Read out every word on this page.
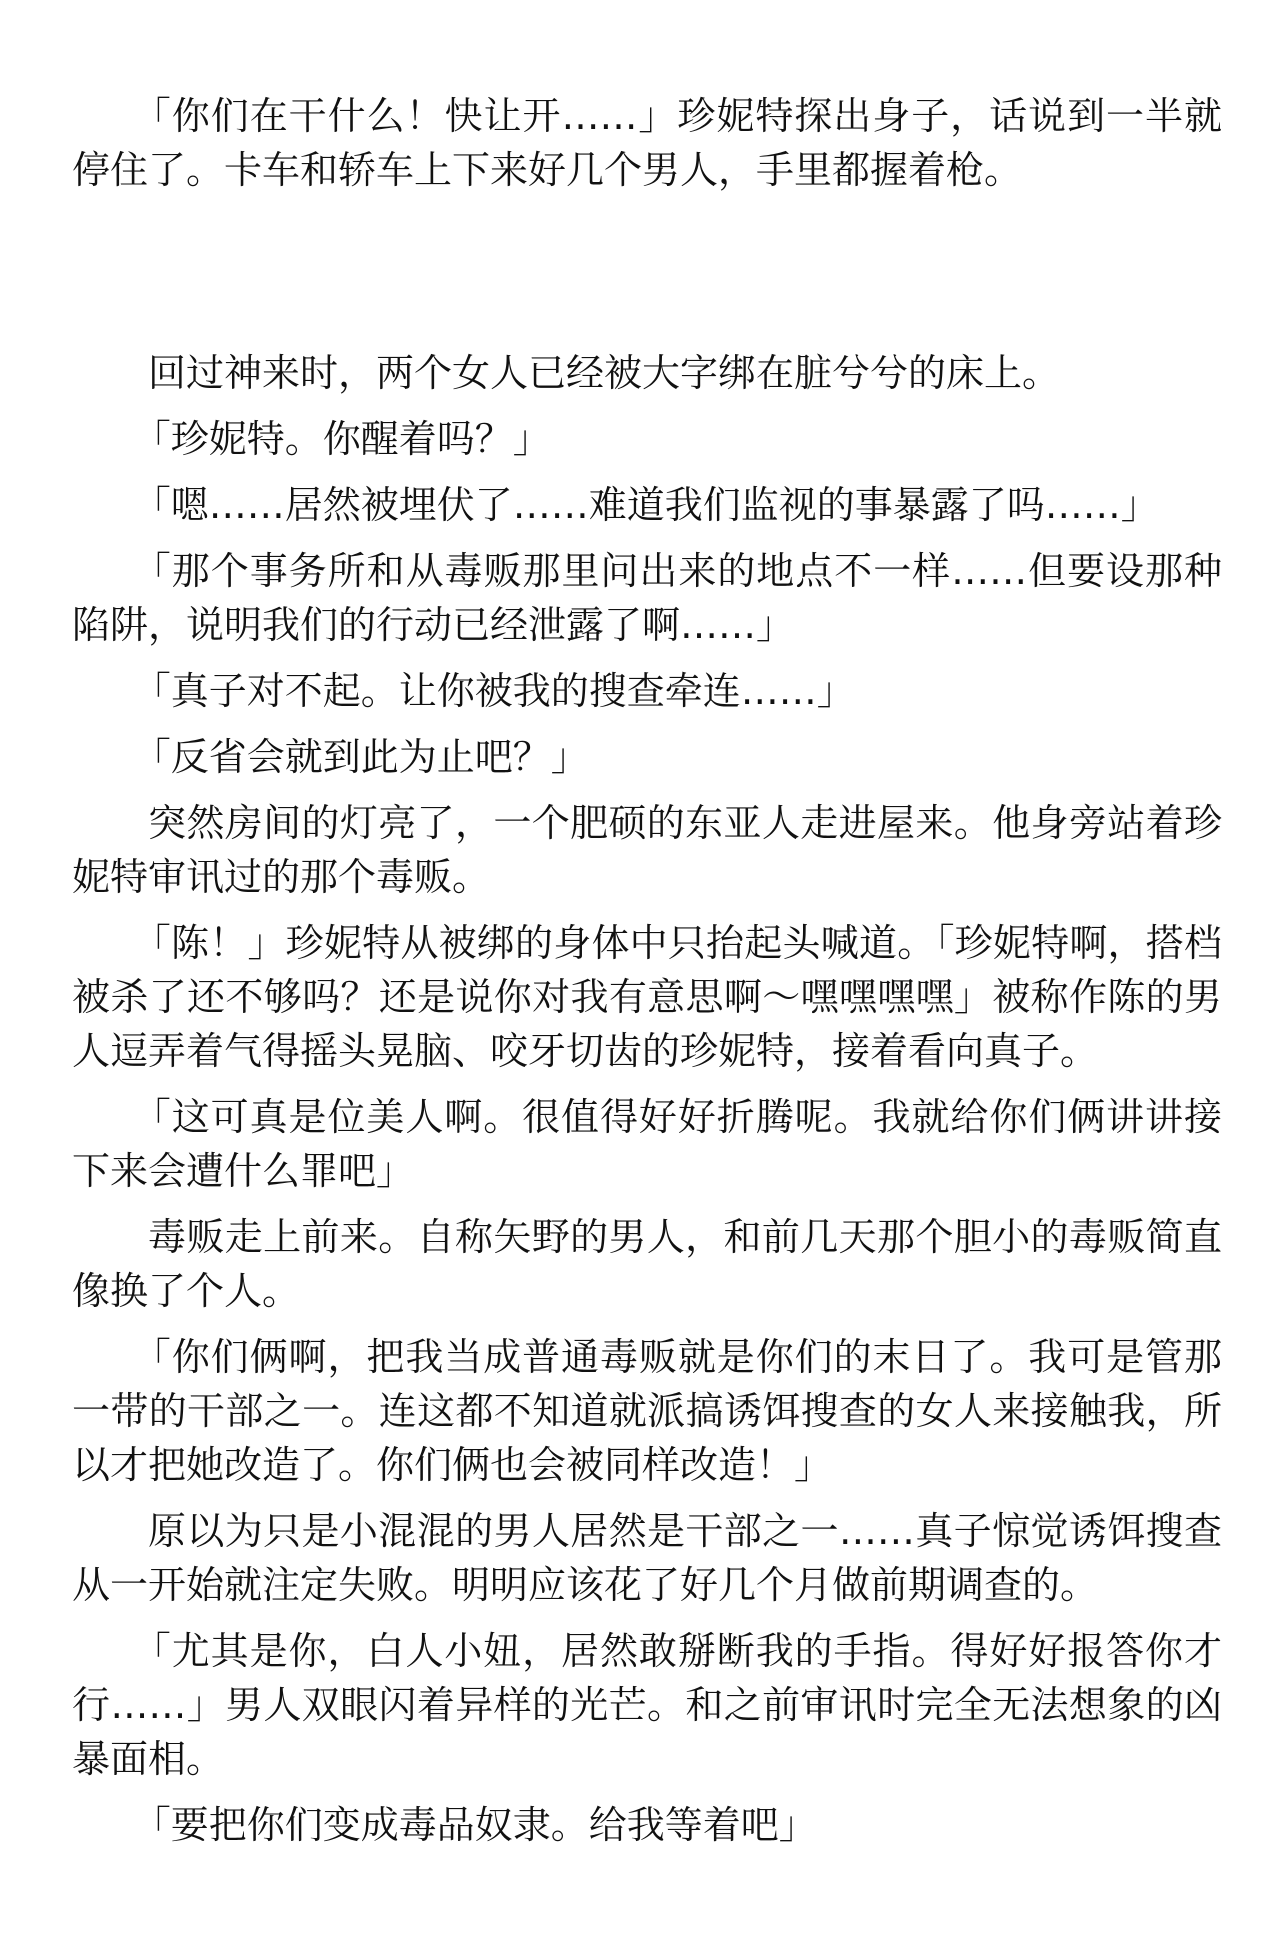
「你们在干什么！快让开……」珍妮特探出身子，话说到一半就停住了。卡车和轿车上下来好几个男人，手里都握着枪。

回过神来时，两个女人已经被大字绑在脏兮兮的床上。

「珍妮特。你醒着吗？」

「嗯……居然被埋伏了……难道我们监视的事暴露了吗……」

「那个事务所和从毒贩那里问出来的地点不一样……但要设那种陷阱，说明我们的行动已经泄露了啊……」

「真子对不起。让你被我的搜查牵连……」

「反省会就到此为止吧？」

突然房间的灯亮了，一个肥硕的东亚人走进屋来。他身旁站着珍妮特审讯过的那个毒贩。

「陈！」珍妮特从被绑的身体中只抬起头喊道。「珍妮特啊，搭档被杀了还不够吗？还是说你对我有意思啊～嘿嘿嘿嘿」被称作陈的男人逗弄着气得摇头晃脑、咬牙切齿的珍妮特，接着看向真子。

「这可真是位美人啊。很值得好好折腾呢。我就给你们俩讲讲接下来会遭什么罪吧」

毒贩走上前来。自称矢野的男人，和前几天那个胆小的毒贩简直像换了个人。

「你们俩啊，把我当成普通毒贩就是你们的末日了。我可是管那一带的干部之一。连这都不知道就派搞诱饵搜查的女人来接触我，所以才把她改造了。你们俩也会被同样改造！」

原以为只是小混混的男人居然是干部之一……真子惊觉诱饵搜查从一开始就注定失败。明明应该花了好几个月做前期调查的。

「尤其是你，白人小妞，居然敢掰断我的手指。得好好报答你才行……」男人双眼闪着异样的光芒。和之前审讯时完全无法想象的凶暴面相。

「要把你们变成毒品奴隶。给我等着吧」
